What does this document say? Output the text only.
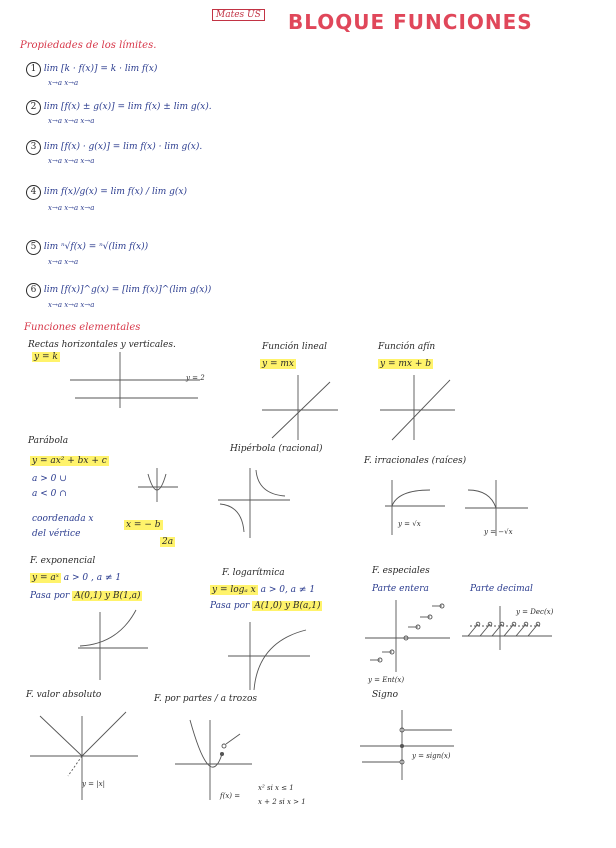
Mates US BLOQUE FUNCIONES
Propiedades de los límites.
1 lim [k · f(x)] = k · lim f(x)
x→a x→a
2 lim [f(x) ± g(x)] = lim f(x) ± lim g(x).
x→a x→a x→a
3 lim [f(x) · g(x)] = lim f(x) · lim g(x).
x→a x→a x→a
4 lim f(x)/g(x) = lim f(x) / lim g(x)
x→a x→a x→a
5 lim ⁿ√f(x) = ⁿ√(lim f(x))
x→a x→a
6 lim [f(x)]^g(x) = [lim f(x)]^(lim g(x))
x→a x→a x→a
Funciones elementales
Rectas horizontales y verticales.
y = k
y = 2
Función lineal
y = mx
Función afín
y = mx + b
Parábola
y = ax² + bx + c
a > 0 ∪
a < 0 ∩
coordenada x
del vértice
x = − b
2a
Hipérbola (racional)
F. irracionales (raíces)
y = √x
y = −√x
F. exponencial
y = aˣ a > 0 , a ≠ 1
Pasa por A(0,1) y B(1,a)
F. logarítmica
y = logₐ x a > 0, a ≠ 1
Pasa por A(1,0) y B(a,1)
F. especiales
Parte entera	Parte decimal
y = Ent(x)
y = Dec(x)
F. valor absoluto
y = |x|
F. por partes / a trozos
f(x) =
x² si x ≤ 1
x + 2 si x > 1
Signo
y = sign(x)
